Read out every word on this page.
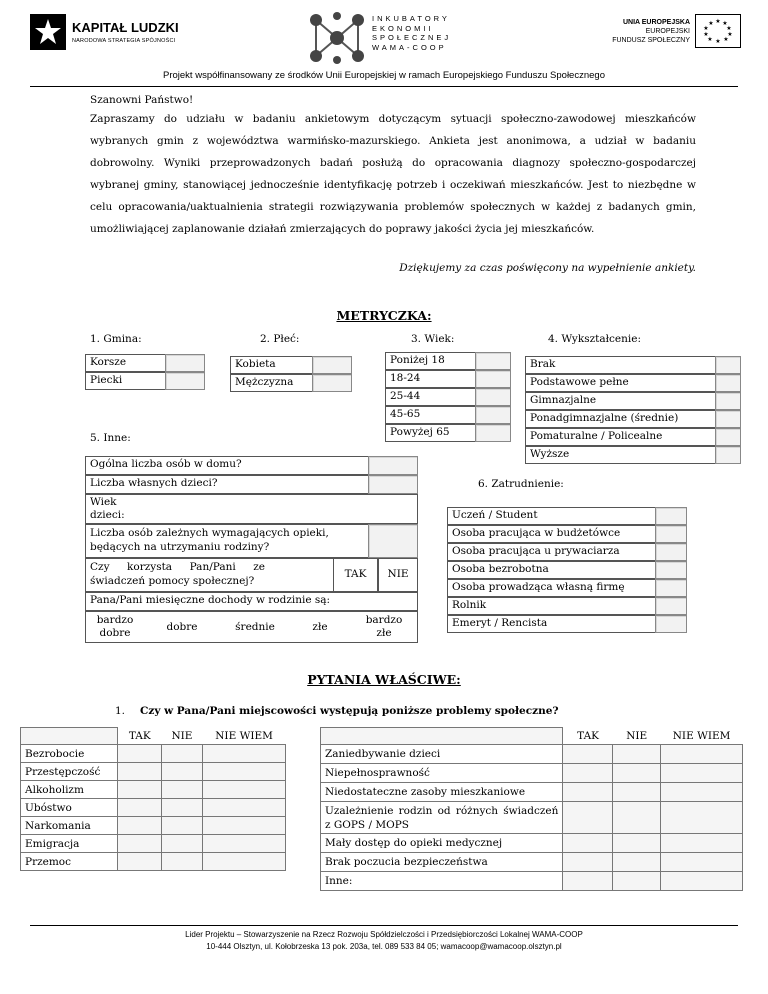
KAPITAŁ LUDZKI
NARODOWA STRATEGIA SPÓJNOŚCI
INKUBATORY
EKONOMII
SPOŁECZNEJ
WAMA-COOP
UNIA EUROPEJSKA
EUROPEJSKI
FUNDUSZ SPOŁECZNY
★ ★
★
★
★
★
★
★
★
★
Projekt współfinansowany ze środków Unii Europejskiej w ramach Europejskiego Funduszu Społecznego
Szanowni Państwo!
Zapraszamy do udziału w badaniu ankietowym dotyczącym sytuacji społeczno-zawodowej mieszkańców wybranych gmin z województwa warmińsko-mazurskiego. Ankieta jest anonimowa, a udział w badaniu dobrowolny. Wyniki przeprowadzonych badań posłużą do opracowania diagnozy społeczno-gospodarczej wybranej gminy, stanowiącej jednocześnie identyfikację potrzeb i oczekiwań mieszkańców. Jest to niezbędne w celu opracowania/uaktualnienia strategii rozwiązywania problemów społecznych w każdej z badanych gmin, umożliwiającej zaplanowanie działań zmierzających do poprawy jakości życia jej mieszkańców.
Dziękujemy za czas poświęcony na wypełnienie ankiety.
METRYCZKA:
1. Gmina:	2. Płeć:	3. Wiek:	4. Wykształcenie:
Korsze
Piecki
Kobieta
Mężczyzna
Poniżej 18
18-24
25-44
45-65
Powyżej 65
Brak
Podstawowe pełne
Gimnazjalne
Ponadgimnazjalne (średnie)
Pomaturalne / Policealne
Wyższe
5. Inne:
Ogólna liczba osób w domu?
Liczba własnych dzieci?
Wiek dzieci:
Liczba osób zależnych wymagających opieki, będących na utrzymaniu rodziny?
Czy korzysta Pan/Pani ze świadczeń pomocy społecznej?
TAK	NIE
Pana/Pani miesięczne dochody w rodzinie są:
bardzo dobre	dobre	średnie	złe
bardzo złe
6. Zatrudnienie:
Uczeń / Student
Osoba pracująca w budżetówce
Osoba pracująca u prywaciarza
Osoba bezrobotna
Osoba prowadząca własną firmę
Rolnik
Emeryt / Rencista
PYTANIA WŁAŚCIWE:
1. Czy w Pana/Pani miejscowości występują poniższe problemy społeczne?
	TAK	NIE	NIE WIEM
Bezrobocie			
Przestępczość			
Alkoholizm			
Ubóstwo			
Narkomania			
Emigracja			
Przemoc			
	TAK	NIE	NIE WIEM
Zaniedbywanie dzieci			
Niepełnosprawność			
Niedostateczne zasoby mieszkaniowe			
Uzależnienie rodzin od różnych świadczeń z GOPS / MOPS			
Mały dostęp do opieki medycznej			
Brak poczucia bezpieczeństwa			
Inne:			
Lider Projektu – Stowarzyszenie na Rzecz Rozwoju Spółdzielczości i Przedsiębiorczości Lokalnej WAMA-COOP
10-444 Olsztyn, ul. Kołobrzeska 13 pok. 203a, tel. 089 533 84 05; wamacoop@wamacoop.olsztyn.pl
